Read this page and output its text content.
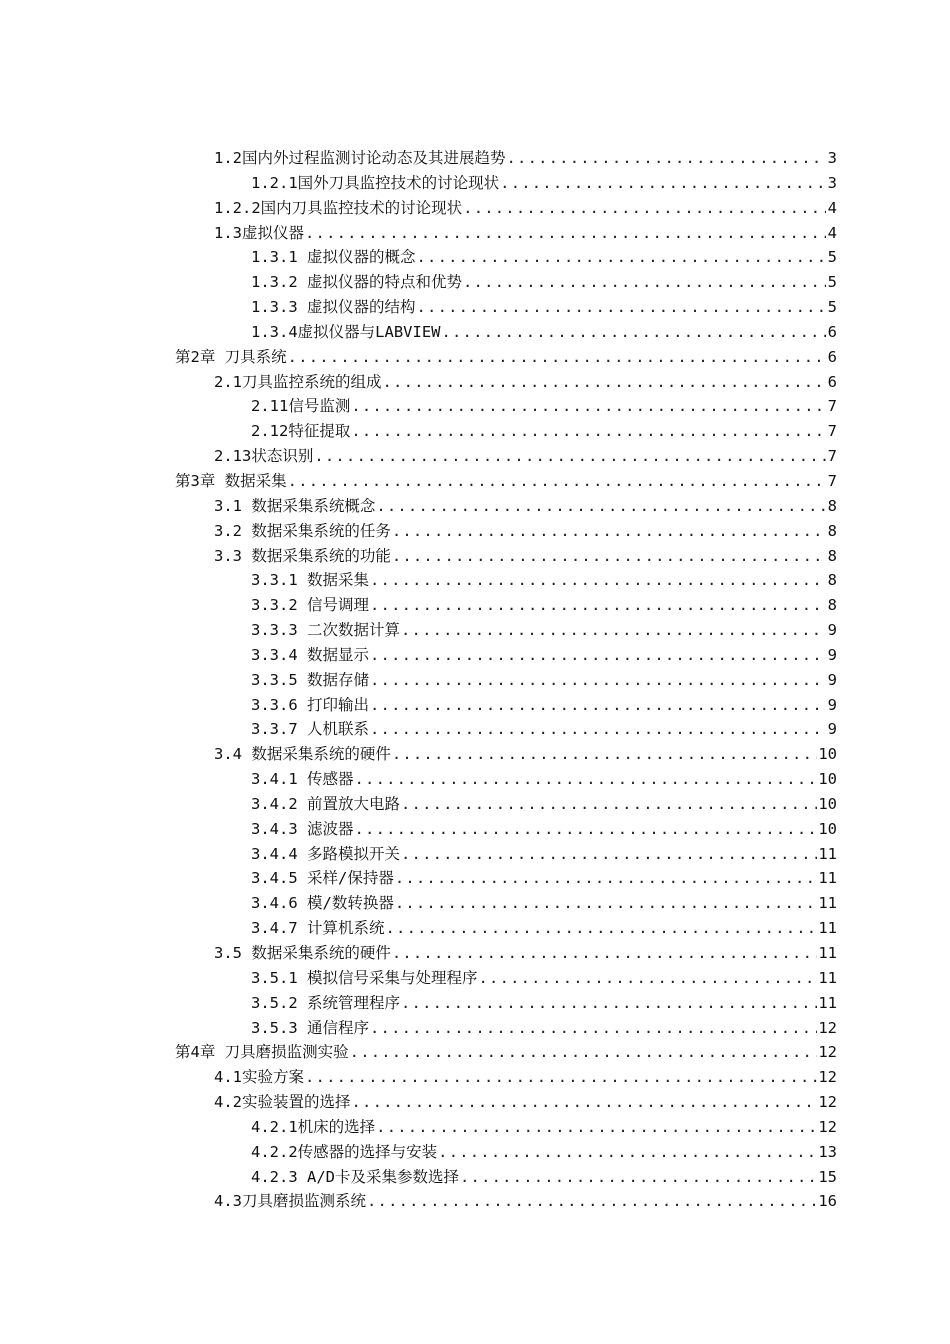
1.2国内外过程监测讨论动态及其进展趋势 .....	3
1.2.1国外刀具监控技术的讨论现状 .....	3
1.2.2国内刀具监控技术的讨论现状 .....	4
1.3虚拟仪器 .....	4
1.3.1 虚拟仪器的概念 .....	5
1.3.2 虚拟仪器的特点和优势 .....	5
1.3.3 虚拟仪器的结构 .....	5
1.3.4虚拟仪器与LABVIEW .....	6
第2章 刀具系统 .....	6
2.1刀具监控系统的组成 .....	6
2.11信号监测 .....	7
2.12特征提取 .....	7
2.13状态识别 .....	7
第3章 数据采集 .....	7
3.1 数据采集系统概念 .....	8
3.2 数据采集系统的任务 .....	8
3.3 数据采集系统的功能 .....	8
3.3.1 数据采集 .....	8
3.3.2 信号调理 .....	8
3.3.3 二次数据计算 .....	9
3.3.4 数据显示 .....	9
3.3.5 数据存储 .....	9
3.3.6 打印输出 .....	9
3.3.7 人机联系 .....	9
3.4 数据采集系统的硬件 .....	10
3.4.1 传感器 .....	10
3.4.2 前置放大电路 .....	10
3.4.3 滤波器 .....	10
3.4.4 多路模拟开关 .....	11
3.4.5 采样/保持器 .....	11
3.4.6 模/数转换器 .....	11
3.4.7 计算机系统 .....	11
3.5 数据采集系统的硬件 .....	11
3.5.1 模拟信号采集与处理程序 .....	11
3.5.2 系统管理程序 .....	11
3.5.3 通信程序 .....	12
第4章 刀具磨损监测实验 .....	12
4.1实验方案 .....	12
4.2实验装置的选择 .....	12
4.2.1机床的选择 .....	12
4.2.2传感器的选择与安装 .....	13
4.2.3 A/D卡及采集参数选择 .....	15
4.3刀具磨损监测系统 .....	16
